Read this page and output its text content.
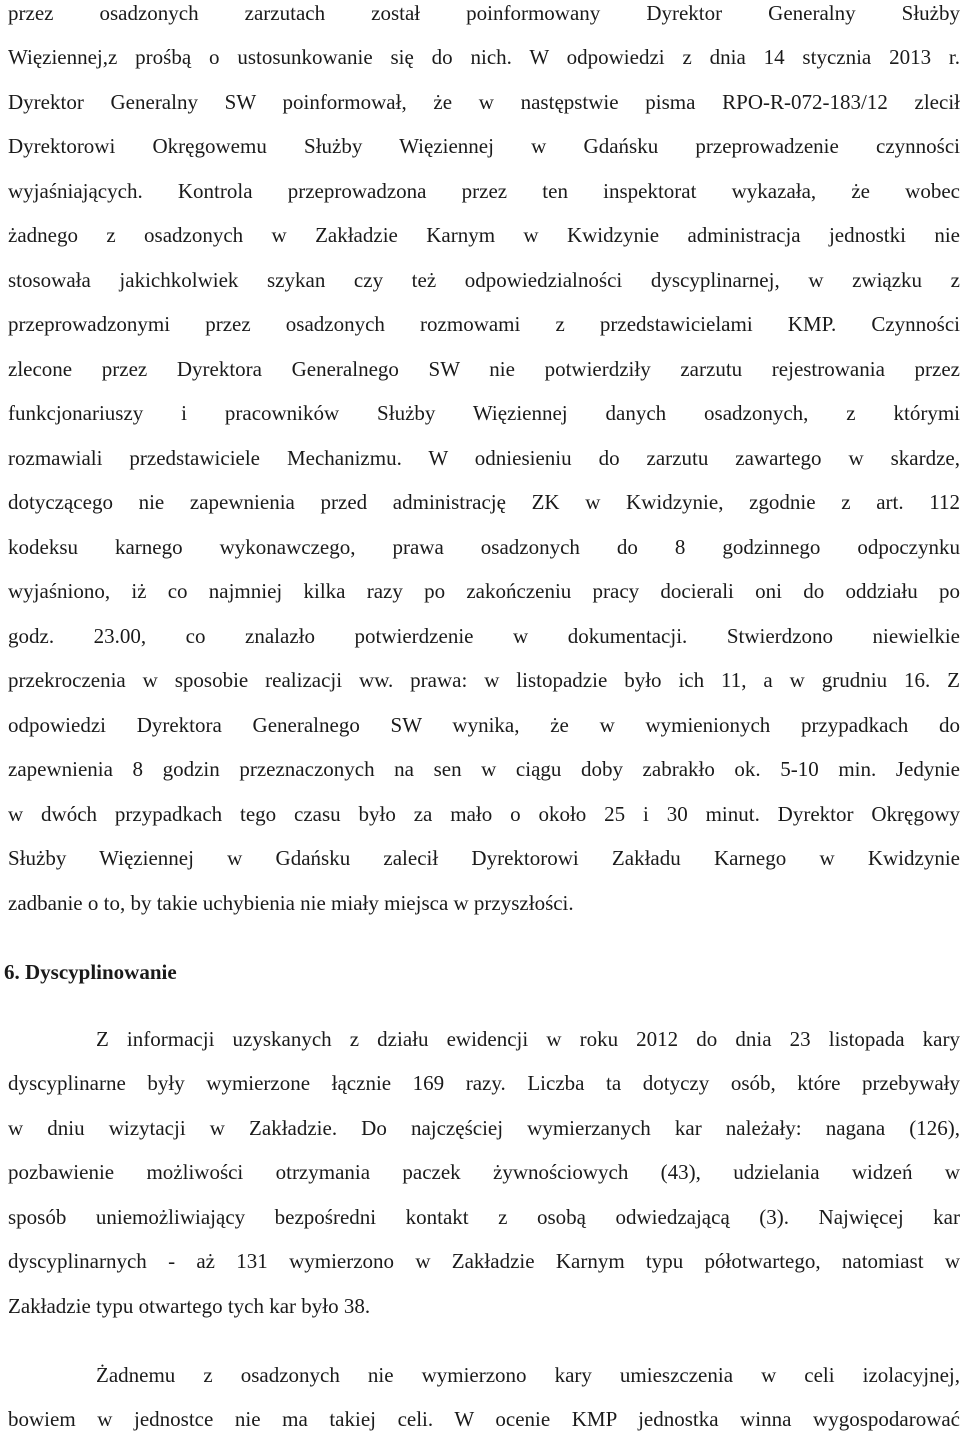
przez osadzonych zarzutach został poinformowany Dyrektor Generalny Służby
Więziennej,z prośbą o ustosunkowanie się do nich. W odpowiedzi z dnia 14 stycznia 2013 r.
Dyrektor Generalny SW poinformował, że w następstwie pisma RPO-R-072-183/12 zlecił
Dyrektorowi Okręgowemu Służby Więziennej w Gdańsku przeprowadzenie czynności
wyjaśniających. Kontrola przeprowadzona przez ten inspektorat wykazała, że wobec
żadnego z osadzonych w Zakładzie Karnym w Kwidzynie administracja jednostki nie
stosowała jakichkolwiek szykan czy też odpowiedzialności dyscyplinarnej, w związku z
przeprowadzonymi przez osadzonych rozmowami z przedstawicielami KMP. Czynności
zlecone przez Dyrektora Generalnego SW nie potwierdziły zarzutu rejestrowania przez
funkcjonariuszy i pracowników Służby Więziennej danych osadzonych, z którymi
rozmawiali przedstawiciele Mechanizmu. W odniesieniu do zarzutu zawartego w skardze,
dotyczącego nie zapewnienia przed administrację ZK w Kwidzynie, zgodnie z art. 112
kodeksu karnego wykonawczego, prawa osadzonych do 8 godzinnego odpoczynku
wyjaśniono, iż co najmniej kilka razy po zakończeniu pracy docierali oni do oddziału po
godz. 23.00, co znalazło potwierdzenie w dokumentacji. Stwierdzono niewielkie
przekroczenia w sposobie realizacji ww. prawa: w listopadzie było ich 11, a w grudniu 16. Z
odpowiedzi Dyrektora Generalnego SW wynika, że w wymienionych przypadkach do
zapewnienia 8 godzin przeznaczonych na sen w ciągu doby zabrakło ok. 5-10 min. Jedynie
w dwóch przypadkach tego czasu było za mało o około 25 i 30 minut. Dyrektor Okręgowy
Służby Więziennej w Gdańsku zalecił Dyrektorowi Zakładu Karnego w Kwidzynie
zadbanie o to, by takie uchybienia nie miały miejsca w przyszłości.
6. Dyscyplinowanie
Z informacji uzyskanych z działu ewidencji w roku 2012 do dnia 23 listopada kary
dyscyplinarne były wymierzone łącznie 169 razy. Liczba ta dotyczy osób, które przebywały
w dniu wizytacji w Zakładzie. Do najczęściej wymierzanych kar należały: nagana (126),
pozbawienie możliwości otrzymania paczek żywnościowych (43), udzielania widzeń w
sposób uniemożliwiający bezpośredni kontakt z osobą odwiedzającą (3). Najwięcej kar
dyscyplinarnych - aż 131 wymierzono w Zakładzie Karnym typu półotwartego, natomiast w
Zakładzie typu otwartego tych kar było 38.
Żadnemu z osadzonych nie wymierzono kary umieszczenia w celi izolacyjnej,
bowiem w jednostce nie ma takiej celi. W ocenie KMP jednostka winna wygospodarować
